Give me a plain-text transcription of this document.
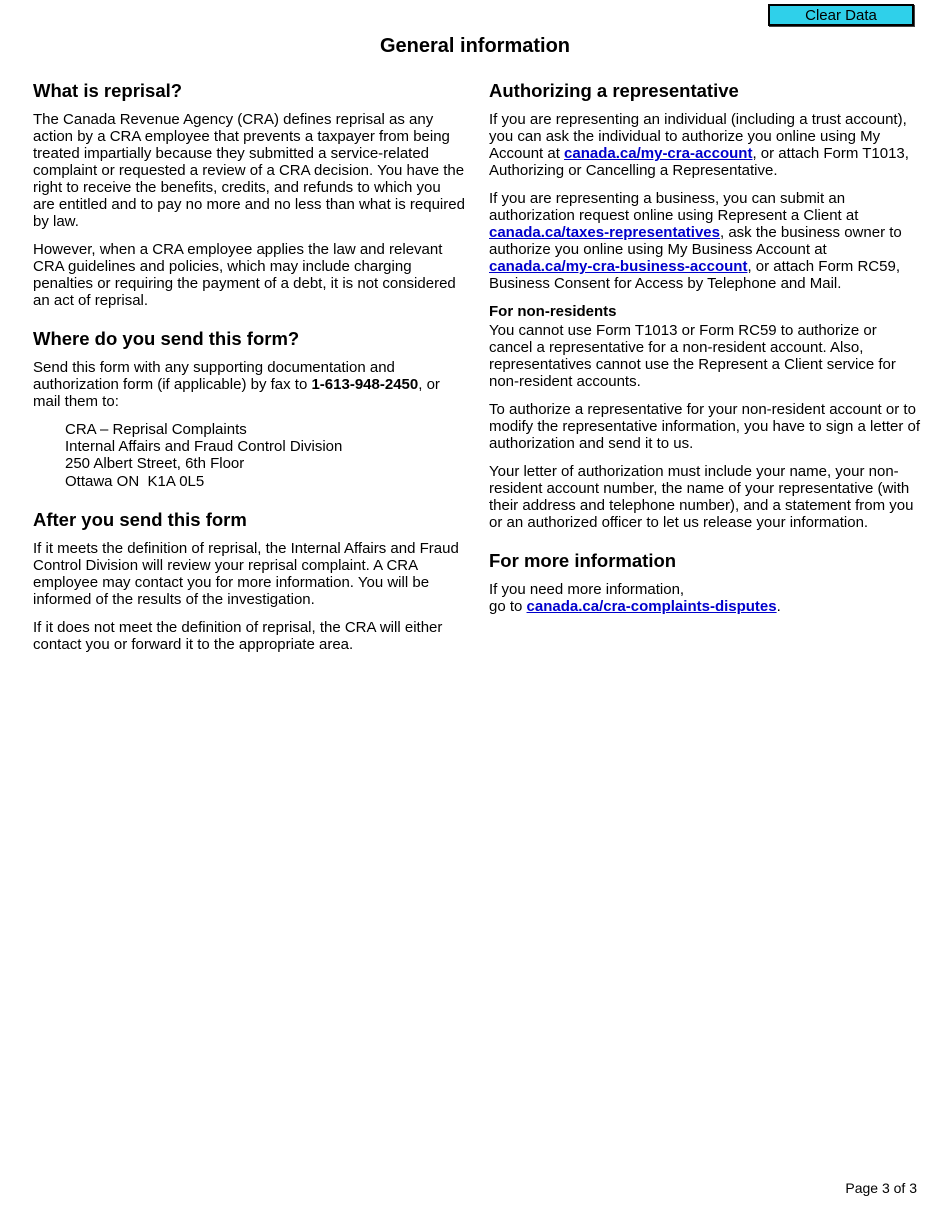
Clear Data
General information
What is reprisal?

The Canada Revenue Agency (CRA) defines reprisal as any action by a CRA employee that prevents a taxpayer from being treated impartially because they submitted a service-related complaint or requested a review of a CRA decision. You have the right to receive the benefits, credits, and refunds to which you are entitled and to pay no more and no less than what is required by law.

However, when a CRA employee applies the law and relevant CRA guidelines and policies, which may include charging penalties or requiring the payment of a debt, it is not considered an act of reprisal.

Where do you send this form?

Send this form with any supporting documentation and authorization form (if applicable) by fax to 1-613-948-2450, or mail them to:

CRA – Reprisal Complaints
Internal Affairs and Fraud Control Division
250 Albert Street, 6th Floor
Ottawa ON  K1A 0L5
After you send this form

If it meets the definition of reprisal, the Internal Affairs and Fraud Control Division will review your reprisal complaint. A CRA employee may contact you for more information. You will be informed of the results of the investigation.

If it does not meet the definition of reprisal, the CRA will either contact you or forward it to the appropriate area.

Authorizing a representative

If you are representing an individual (including a trust account), you can ask the individual to authorize you online using My Account at canada.ca/my-cra-account, or attach Form T1013, Authorizing or Cancelling a Representative.

If you are representing a business, you can submit an authorization request online using Represent a Client at canada.ca/taxes-representatives, ask the business owner to authorize you online using My Business Account at canada.ca/my-cra-business-account, or attach Form RC59, Business Consent for Access by Telephone and Mail.

For non-residents

You cannot use Form T1013 or Form RC59 to authorize or cancel a representative for a non-resident account. Also, representatives cannot use the Represent a Client service for non-resident accounts.

To authorize a representative for your non-resident account or to modify the representative information, you have to sign a letter of authorization and send it to us.

Your letter of authorization must include your name, your non-resident account number, the name of your representative (with their address and telephone number), and a statement from you or an authorized officer to let us release your information.

For more information

If you need more information,
go to canada.ca/cra-complaints-disputes.

Page 3 of 3
